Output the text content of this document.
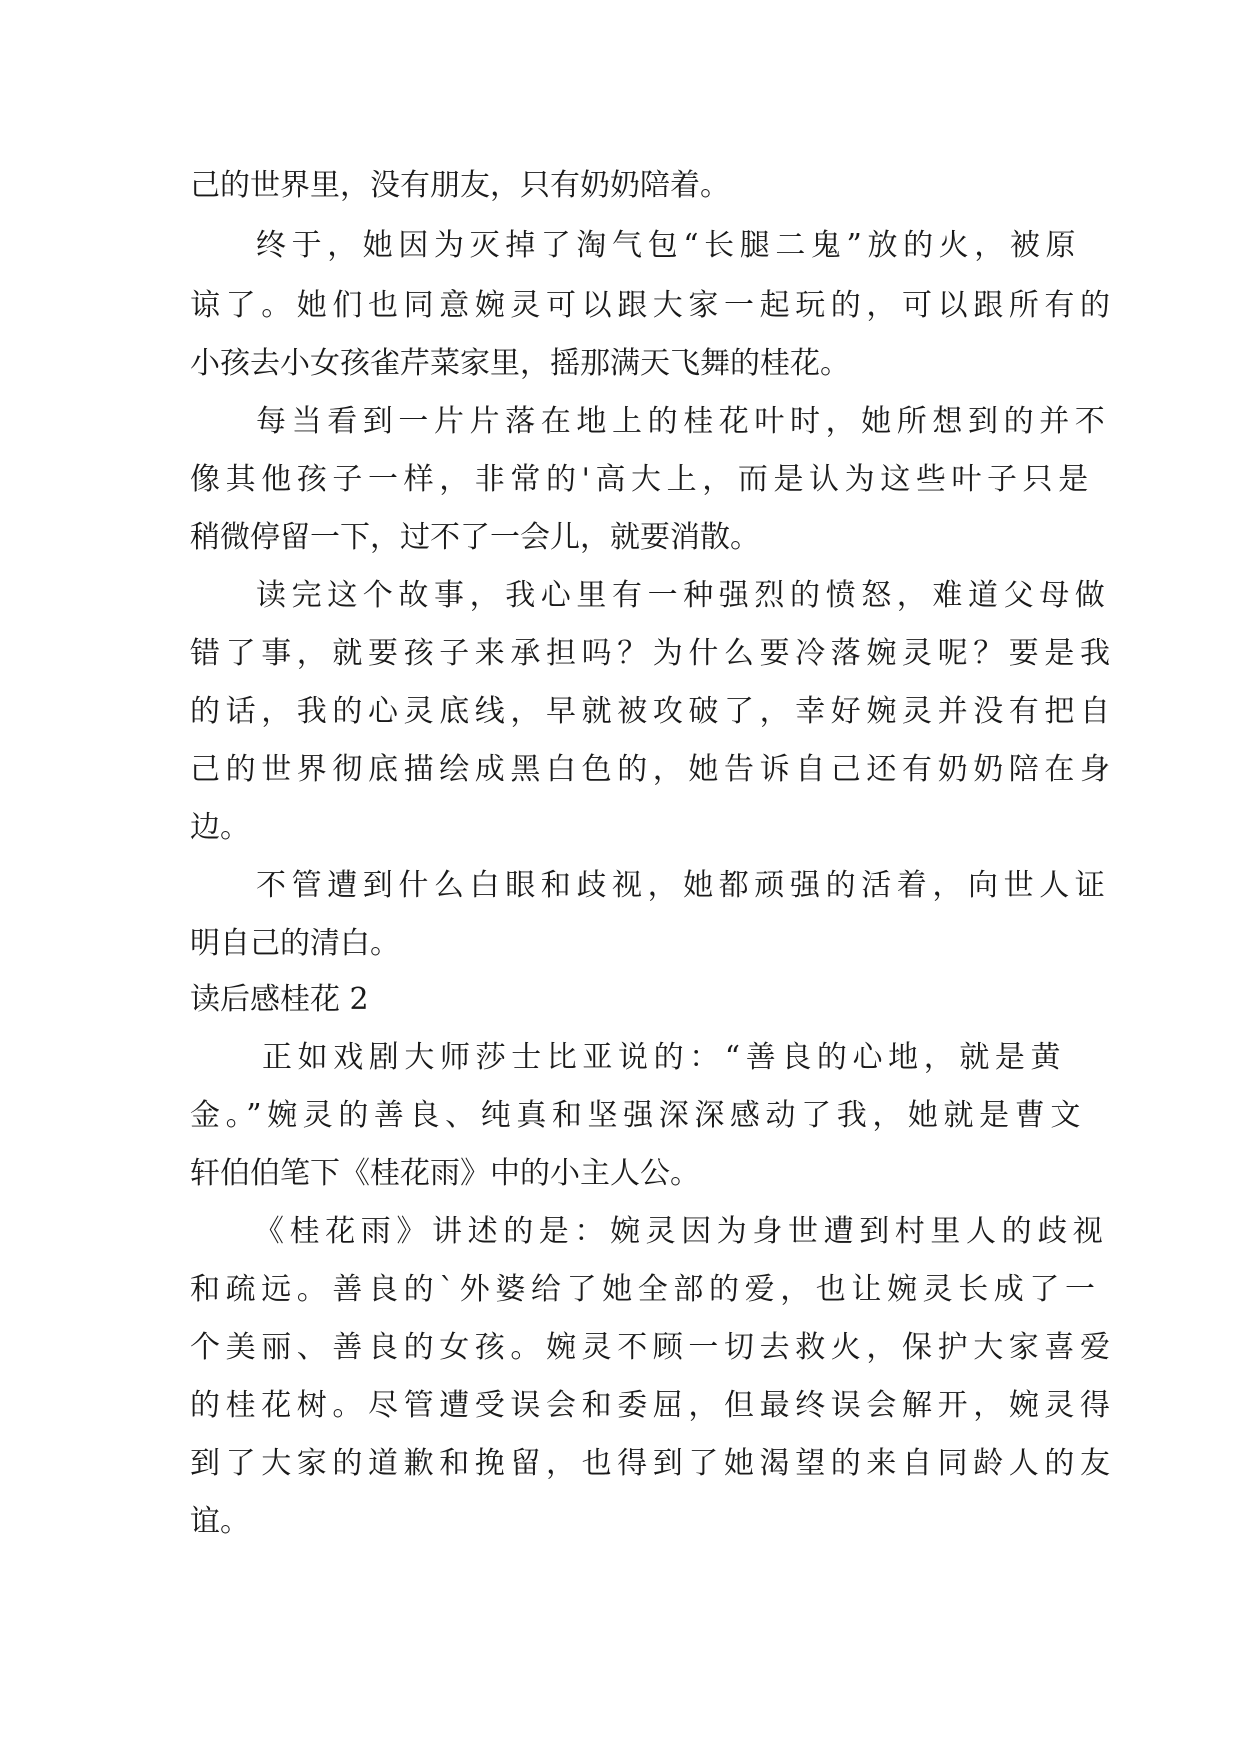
己的世界里，没有朋友，只有奶奶陪着。
终于，她因为灭掉了淘气包“长腿二鬼”放的火，被原
谅了。她们也同意婉灵可以跟大家一起玩的，可以跟所有的
小孩去小女孩雀芹菜家里，摇那满天飞舞的桂花。
每当看到一片片落在地上的桂花叶时，她所想到的并不
像其他孩子一样，非常的'高大上，而是认为这些叶子只是
稍微停留一下，过不了一会儿，就要消散。
读完这个故事，我心里有一种强烈的愤怒，难道父母做
错了事，就要孩子来承担吗？为什么要冷落婉灵呢？要是我
的话，我的心灵底线，早就被攻破了，幸好婉灵并没有把自
己的世界彻底描绘成黑白色的，她告诉自己还有奶奶陪在身
边。
不管遭到什么白眼和歧视，她都顽强的活着，向世人证
明自己的清白。
读后感桂花 2
正如戏剧大师莎士比亚说的：“善良的心地，就是黄
金。”婉灵的善良、纯真和坚强深深感动了我，她就是曹文
轩伯伯笔下《桂花雨》中的小主人公。
《桂花雨》讲述的是：婉灵因为身世遭到村里人的歧视
和疏远。善良的`外婆给了她全部的爱，也让婉灵长成了一
个美丽、善良的女孩。婉灵不顾一切去救火，保护大家喜爱
的桂花树。尽管遭受误会和委屈，但最终误会解开，婉灵得
到了大家的道歉和挽留，也得到了她渴望的来自同龄人的友
谊。
